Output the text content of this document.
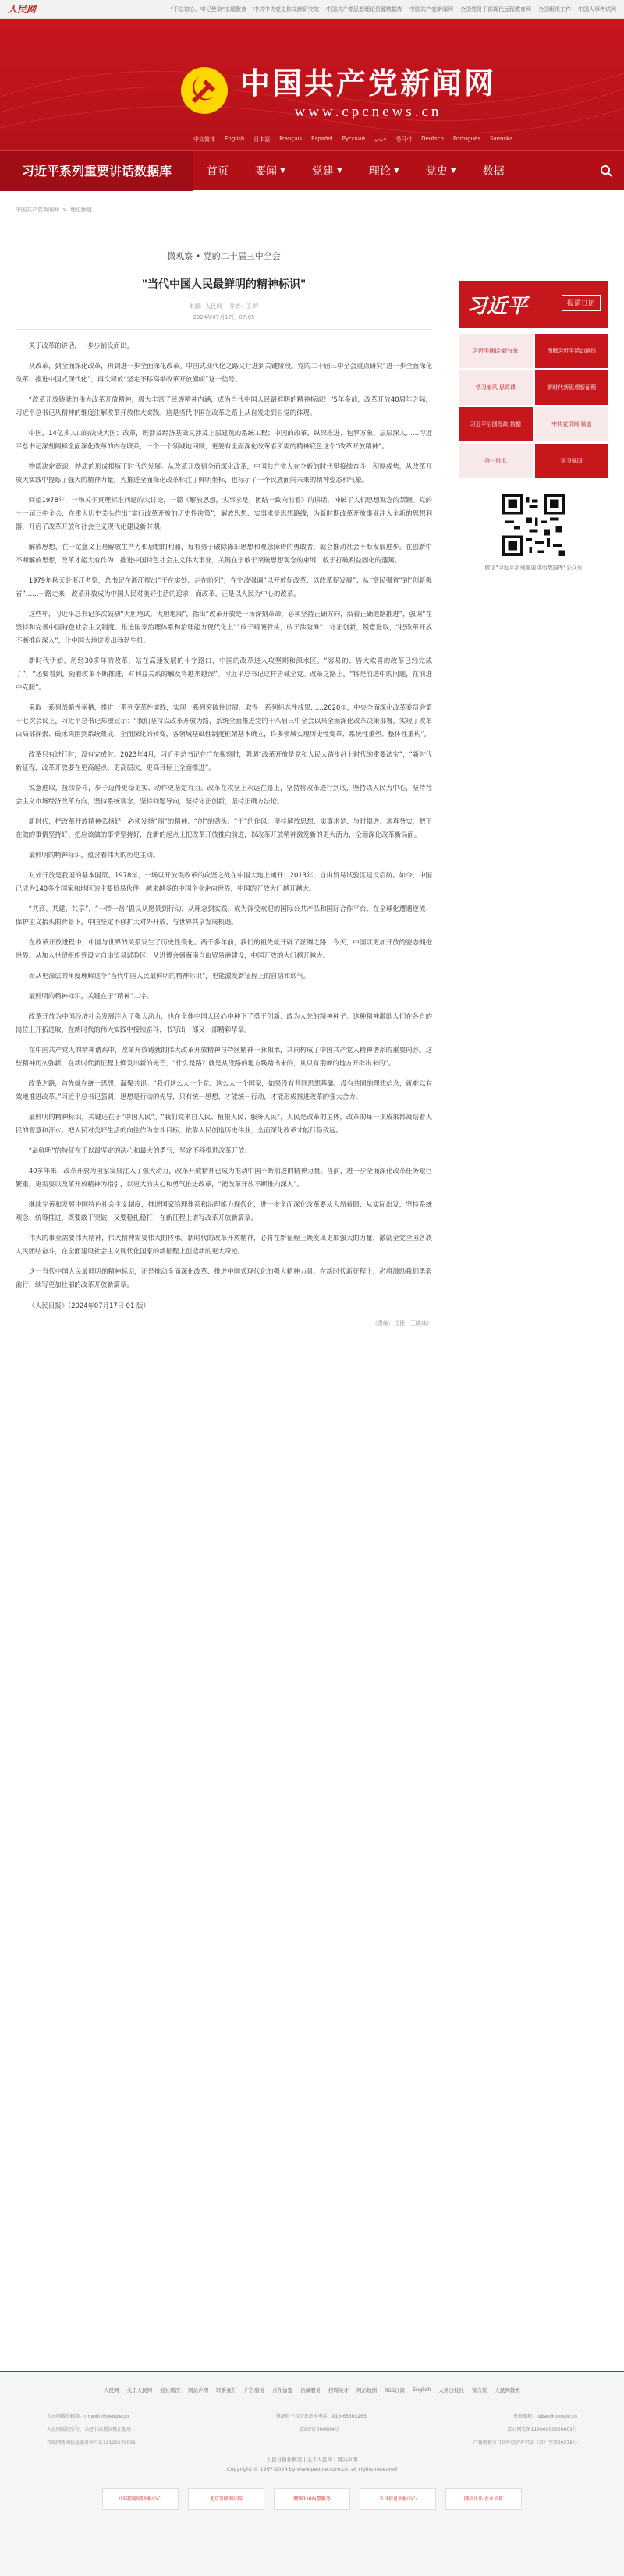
人民网	"不忘初心、牢记使命"主题教育 中共中央党史和文献研究院 中国共产党思想理论资源数据库 中国共产党新闻网 全国党员干部现代远程教育网 全国组织工作 中国人事考试网
中国共产党新闻网
www.cpcnews.cn
中文简体 English 日本語 Français Español Русский عربي 한국어 Deutsch Português Svenska
习近平系列重要讲话数据库	首页 要闻 ▼ 党建 ▼ 理论 ▼ 党史 ▼ 数据
中国共产党新闻网 > 理论频道
微观察 • 党的二十届三中全会
"当代中国人民最鲜明的精神标识"
来源：人民网 作者：王 晔
2024年07月17日 07:05

关于改革的讲话，一步步铺设而出。

从改革，到全面深化改革，再到进一步全面深化改革。中国式现代化之路又行进到关键阶段。党的二十届三中全会重点研究“进一步全面深化改革、推进中国式现代化”，再次释放“坚定不移高举改革开放旗帜”这一信号。

“改革开放铸就的伟大改革开放精神，极大丰富了民族精神内涵，成为当代中国人民最鲜明的精神标识！”5年多前，改革开放40周年之际，习近平总书记从精神的维度注解改革开放伟大实践。这是当代中国在改革之路上从自发走到自觉的体现。

中国，14亿多人口的决决大国；改革，既涉及经济基础又涉及上层建筑的系统工程；中国的改革，纵深推进、包罗万象、层层深入……习近平总书记深刻阐释全面深化改革的内在联系，一个一个领域地回顾，更要有全面深化改革者所需的精神底色这个“改革开放精神”。

物质决定意识，特质的形成根植于时代的发展。从改革开放到全面深化改革，中国共产党人在全新的时代里接续奋斗，积厚成势，从改革开放大实践中提炼了强大的精神力量，为推进全面深化改革标注了鲜明坐标，也标示了一个民族面向未来的精神姿态和气象。

回望1978年，一场关于真理标准问题的大讨论，一篇《解放思想，实事求是，团结一致向前看》的讲话，冲破了人们思想观念的禁锢。党的十一届三中全会，在重大历史关头作出“实行改革开放的历史性决策”，解放思想、实事求是思想路线，为新时期改革开放事业注入全新的思想利器，开启了改革开放和社会主义现代化建设新时期。

解放思想，在一定意义上是解放生产力和思想的利器，每有勇于破除陈旧思想和观念障碍的勇敢者，就会推动社会不断发展进步。在创新中不断解放思想，改革才能大有作为；推进中国特色社会主义伟大事业，关键在于敢于突破思想观念的束缚，敢于打破利益固化的藩篱。

1979年秋天赴浙江考察，总书记在浙江提出“干在实处、走在前列”，在宁波强调“以开放促改革、以改革促发展”；从“富民强省”到“创新强省”……一路走来，改革开放成为中国人民对美好生活的追求，而改革，正是以人民为中心的改革。

这些年，习近平总书记多次鼓励“大胆地试、大胆地闯”，指出“改革开放是一场深刻革命，必须坚持正确方向，沿着正确道路推进”，强调“在坚持和完善中国特色社会主义制度、推进国家治理体系和治理能力现代化上”“敢于啃硬骨头，敢于涉险滩”，守正创新，锐意进取，“把改革开放不断推向深入”，让中国大地迸发出勃勃生机。

新时代伊始，历经30多年的改革，站在高速发展的十字路口，中国的改革进入攻坚期和深水区。“容易的、皆大欢喜的改革已经完成了”，“还要看到，随着改革不断推进，对利益关系的触及将越来越深”。习近平总书记这样告诫全党。改革之路上，“将是前进中的问题，在前进中克服”。

采取一系列战略性举措，推进一系列变革性实践，实现一系列突破性进展，取得一系列标志性成果……2020年，中央全面深化改革委员会第十七次会议上，习近平总书记郑重宣示：“我们坚持以改革开放为路，系统全面推进党的十八届三中全会以来全面深化改革决策部署，实现了改革由局部探索、破冰突围到系统集成、全面深化的转变，各领域基础性制度框架基本确立，许多领域实现历史性变革、系统性重塑、整体性重构”。

改革只有进行时，没有完成时。2023年4月，习近平总书记在广东视察时，强调“改革开放是党和人民大踏步赶上时代的重要法宝”，“新时代新征程，改革开放要在更高起点、更高层次、更高目标上全面推进”。

锐意进取，接续奋斗，步子迈得更稳更实、动作更坚定有力。改革在攻坚上永远在路上，坚持将改革进行到底，坚持以人民为中心，坚持社会主义市场经济改革方向，坚持系统观念，坚持问题导向，坚持守正创新，坚持正确方法论。

新时代，把改革开放精神弘扬好，必须发扬“闯”的精神、“创”的劲头、“干”的作风。坚持解放思想、实事求是、与时俱进、求真务实，把正在做的事情坚持好、把应该做的事情坚持好，在新的起点上把改革开放推向前进，以改革开放精神激发新的更大活力，全面深化改革新局面。

最鲜明的精神标识，蕴含着伟大的历史主动。

对外开放是我国的基本国策。1978年，一场以开放促改革的攻坚之战在中国大地上铺开；2013年，自由贸易试验区建设启航。如今，中国已成为140多个国家和地区的主要贸易伙伴，越来越多的中国企业走向世界，中国的开放大门越开越大。

“共商、共建、共享”，“一带一路”倡议从愿景到行动，从理念到实践，成为深受欢迎的国际公共产品和国际合作平台。在全球化遭遇逆流、保护主义抬头的背景下，中国坚定不移扩大对外开放，与世界共享发展机遇。

在改革开放进程中，中国与世界的关系发生了历史性变化。两千多年前，我们的祖先就开辟了丝绸之路；今天，中国以更加开放的姿态拥抱世界。从加入世贸组织到设立自由贸易试验区，从进博会到海南自由贸易港建设，中国开放的大门越开越大。

而从更深层的角度理解这个“当代中国人民最鲜明的精神标识”，更能激发新征程上的自信和底气。

最鲜明的精神标识，关键在于“精神”二字。

改革开放为中国经济社会发展注入了强大动力，也在全体中国人民心中种下了勇于创新、敢为人先的精神种子。这种精神激励人们在各自的岗位上开拓进取，在新时代的伟大实践中接续奋斗，书写出一部又一部精彩华章。

在中国共产党人的精神谱系中，改革开放铸就的伟大改革开放精神与特区精神一脉相承，共同构成了中国共产党人精神谱系的重要内容。这些精神历久弥新，在新时代新征程上焕发出新的光芒，“什么是路？就是从没路的地方践踏出来的，从只有荆棘的地方开辟出来的”。

改革之路，首先就在统一思想、凝聚共识。“我们这么大一个党、这么大一个国家，如果没有共同思想基础，没有共同的理想信念，就难以有效地推进改革。”习近平总书记强调，思想是行动的先导，只有统一思想，才能统一行动，才能形成推进改革的强大合力。

最鲜明的精神标识，关键还在于“中国人民”。“我们党来自人民、植根人民、服务人民”，人民是改革的主体，改革的每一项成果都凝结着人民的智慧和汗水。把人民对美好生活的向往作为奋斗目标，依靠人民创造历史伟业，全面深化改革才能行稳致远。

“最鲜明”的特征在于以最坚定的决心和最大的勇气，坚定不移推进改革开放。

40多年来，改革开放为国家发展注入了强大动力，改革开放精神已成为推动中国不断前进的精神力量。当前，进一步全面深化改革任务艰巨繁重，更需要以改革开放精神为指引，以更大的决心和勇气推进改革，“把改革开放不断推向深入”。

继续完善和发展中国特色社会主义制度，推进国家治理体系和治理能力现代化，进一步全面深化改革要从大局着眼、从实际出发，坚持系统观念、统筹推进，既要敢于突破，又要稳扎稳打，在新征程上谱写改革开放新篇章。

伟大的事业需要伟大精神，伟大精神需要伟大的传承。新时代的改革开放精神，必将在新征程上焕发出更加强大的力量，激励全党全国各族人民团结奋斗，在全面建设社会主义现代化国家的新征程上创造新的更大奇迹。

这一当代中国人民最鲜明的精神标识，正是推动全面深化改革、推进中国式现代化的强大精神力量。在新时代新征程上，必将激励我们勇毅前行，续写更加壮丽的改革开放新篇章。

《人民日报》（2024年07月17日 01 版）

（责编：任佳、王晓冰）
习近平	报道日历
习近平插话·新气象	图解习近平活动路线
学习家风 思政课	新时代新思想新征程
习近平治国理政 数据	中共党员网 频道
第一资讯	学习强国
微信"习近平系列重要讲话数据库"公众号
人民网 关于人民网 报社概况 网站声明 联系我们 广告服务 合作加盟 供稿服务 招聘英才 网站地图 RSS订阅 English 人民日报社 留言板 人民网教育
人民网服务邮箱：rmwxin@people.cn	违法和不良信息举报电话：010-65363263	举报邮箱：jubao@people.cn
人民网版权所有，未经书面授权禁止使用	京ICP证000004号	京公网安备11000000000001号
互联网新闻信息服务许可证10120170001	广播电视节目制作经营许可证（京）字第00375号
人民日报社概况 | 关于人民网 | 网站声明
Copyright © 1997-2024 by www.people.com.cn. all rights reserved
中国互联网举报中心	北京互联网法院	网络110报警服务	不良信息举报中心	网信认证 企业信用
